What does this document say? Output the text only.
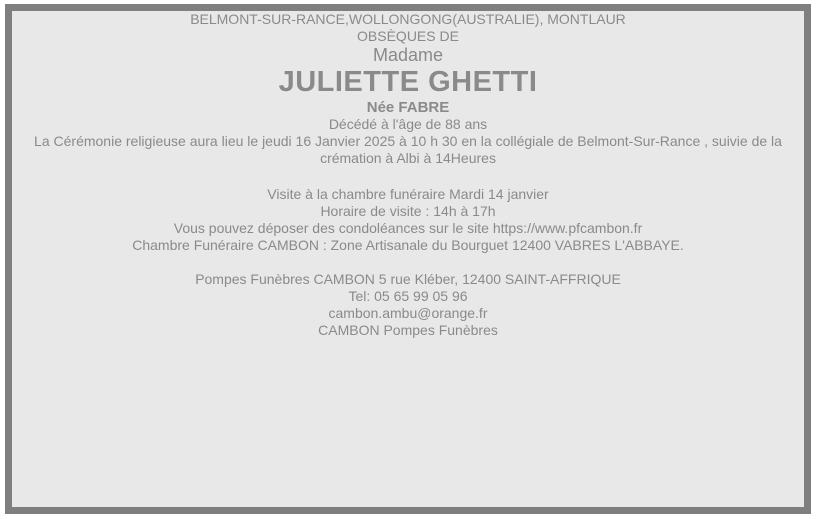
BELMONT-SUR-RANCE,WOLLONGONG(AUSTRALIE), MONTLAUR

OBSÈQUES DE

Madame

JULIETTE GHETTI

Née FABRE

Décédé à l'âge de 88 ans

La Cérémonie religieuse aura lieu le jeudi 16 Janvier 2025 à 10 h 30 en la collégiale de Belmont-Sur-Rance , suivie de la crémation à Albi à 14Heures

Visite à la chambre funéraire Mardi 14 janvier
Horaire de visite : 14h à 17h

Vous pouvez déposer des condoléances sur le site https://www.pfcambon.fr

Chambre Funéraire CAMBON : Zone Artisanale du Bourguet 12400 VABRES L'ABBAYE.

Pompes Funèbres CAMBON 5 rue Kléber, 12400 SAINT-AFFRIQUE
Tel: 05 65 99 05 96
cambon.ambu@orange.fr

CAMBON Pompes Funèbres
